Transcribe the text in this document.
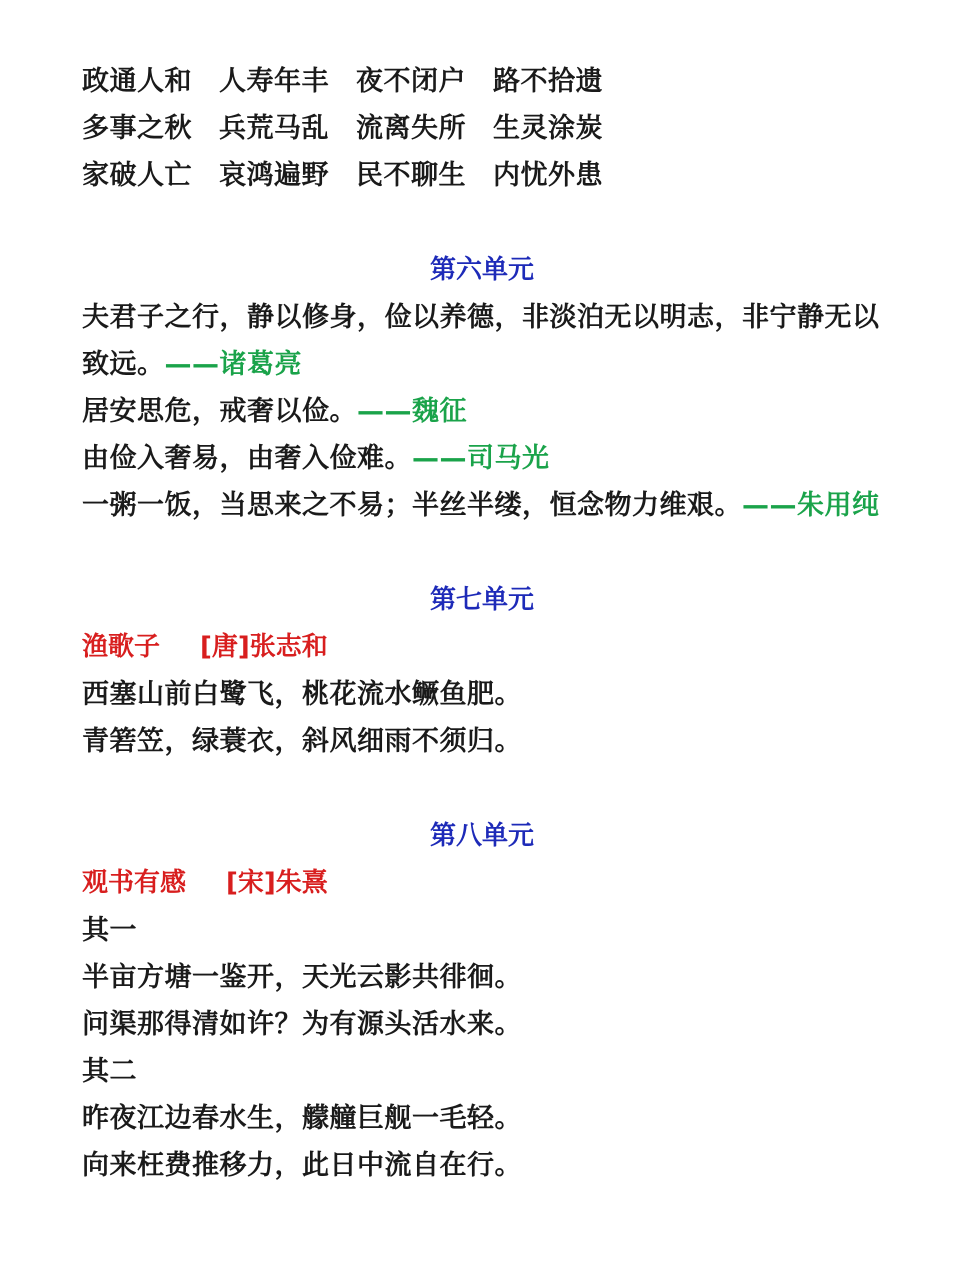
政通人和 人寿年丰 夜不闭户 路不拾遗
多事之秋 兵荒马乱 流离失所 生灵涂炭
家破人亡 哀鸿遍野 民不聊生 内忧外患
第六单元
夫君子之行，静以修身，俭以养德，非淡泊无以明志，非宁静无以
致远。——诸葛亮
居安思危，戒奢以俭。——魏征
由俭入奢易，由奢入俭难。——司马光
一粥一饭，当思来之不易；半丝半缕，恒念物力维艰。——朱用纯
第七单元
渔歌子 [唐]张志和
西塞山前白鹭飞，桃花流水鳜鱼肥。
青箬笠，绿蓑衣，斜风细雨不须归。
第八单元
观书有感 [宋]朱熹
其一
半亩方塘一鉴开，天光云影共徘徊。
问渠那得清如许？为有源头活水来。
其二
昨夜江边春水生，艨艟巨舰一毛轻。
向来枉费推移力，此日中流自在行。
